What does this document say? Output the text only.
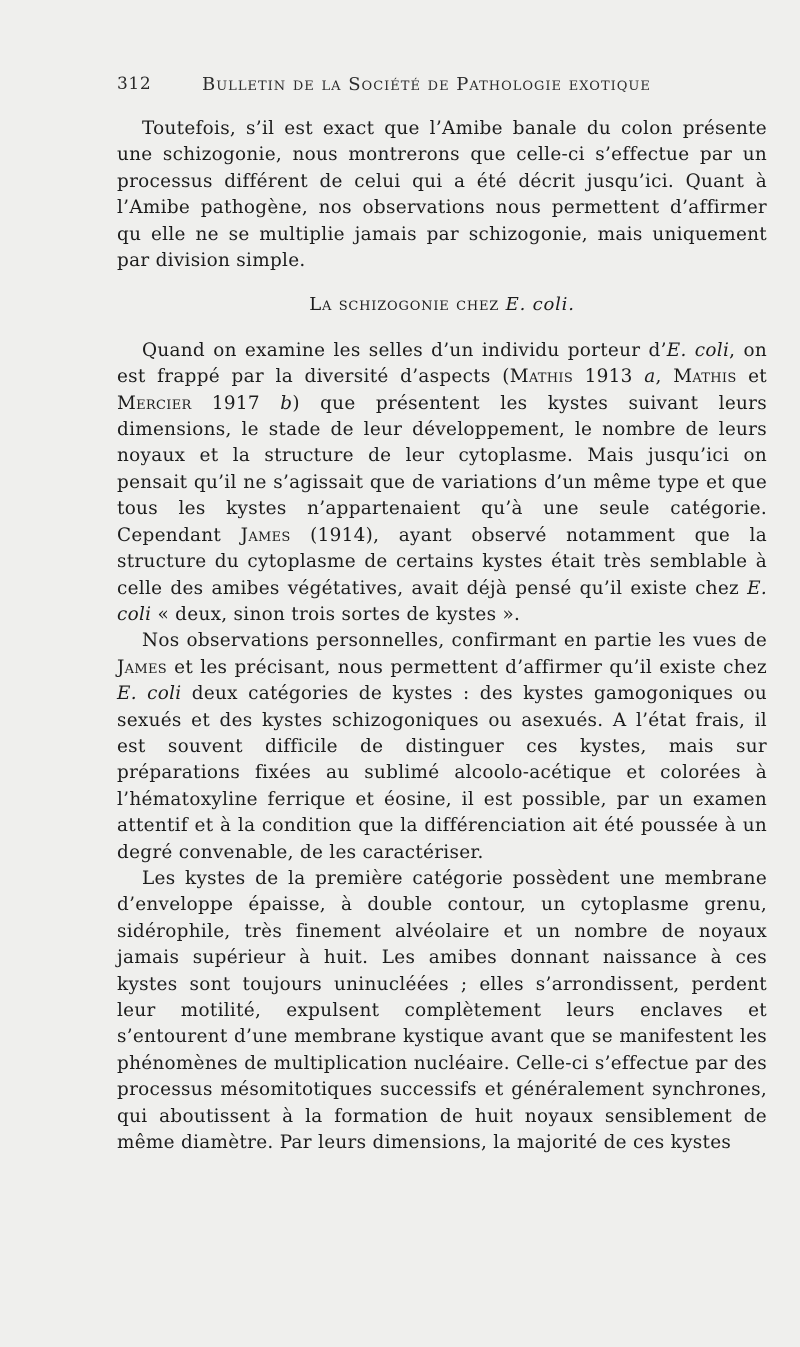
312	Bulletin de la Société de Pathologie exotique

Toutefois, s’il est exact que l’Amibe banale du colon présente une schizogonie, nous montrerons que celle-ci s’effectue par un processus différent de celui qui a été décrit jusqu’ici. Quant à l’Amibe pathogène, nos observations nous permettent d’affirmer qu elle ne se multiplie jamais par schizogonie, mais uniquement par division simple.

La schizogonie chez E. coli.

Quand on examine les selles d’un individu porteur d’E. coli, on est frappé par la diversité d’aspects (Mathis 1913 a, Mathis et Mercier 1917 b) que présentent les kystes suivant leurs dimensions, le stade de leur développement, le nombre de leurs noyaux et la structure de leur cytoplasme. Mais jusqu’ici on pensait qu’il ne s’agissait que de variations d’un même type et que tous les kystes n’appartenaient qu’à une seule catégorie. Cependant James (1914), ayant observé notamment que la structure du cytoplasme de certains kystes était très semblable à celle des amibes végétatives, avait déjà pensé qu’il existe chez E. coli « deux, sinon trois sortes de kystes ».

Nos observations personnelles, confirmant en partie les vues de James et les précisant, nous permettent d’affirmer qu’il existe chez E. coli deux catégories de kystes : des kystes gamogoniques ou sexués et des kystes schizogoniques ou asexués. A l’état frais, il est souvent difficile de distinguer ces kystes, mais sur préparations fixées au sublimé alcoolo-acétique et colorées à l’hématoxyline ferrique et éosine, il est possible, par un examen attentif et à la condition que la différenciation ait été poussée à un degré convenable, de les caractériser.

Les kystes de la première catégorie possèdent une membrane d’enveloppe épaisse, à double contour, un cytoplasme grenu, sidérophile, très finement alvéolaire et un nombre de noyaux jamais supérieur à huit. Les amibes donnant naissance à ces kystes sont toujours uninucléées ; elles s’arrondissent, perdent leur motilité, expulsent complètement leurs enclaves et s’entourent d’une membrane kystique avant que se manifestent les phénomènes de multiplication nucléaire. Celle-ci s’effectue par des processus mésomitotiques successifs et généralement synchrones, qui aboutissent à la formation de huit noyaux sensiblement de même diamètre. Par leurs dimensions, la majorité de ces kystes
